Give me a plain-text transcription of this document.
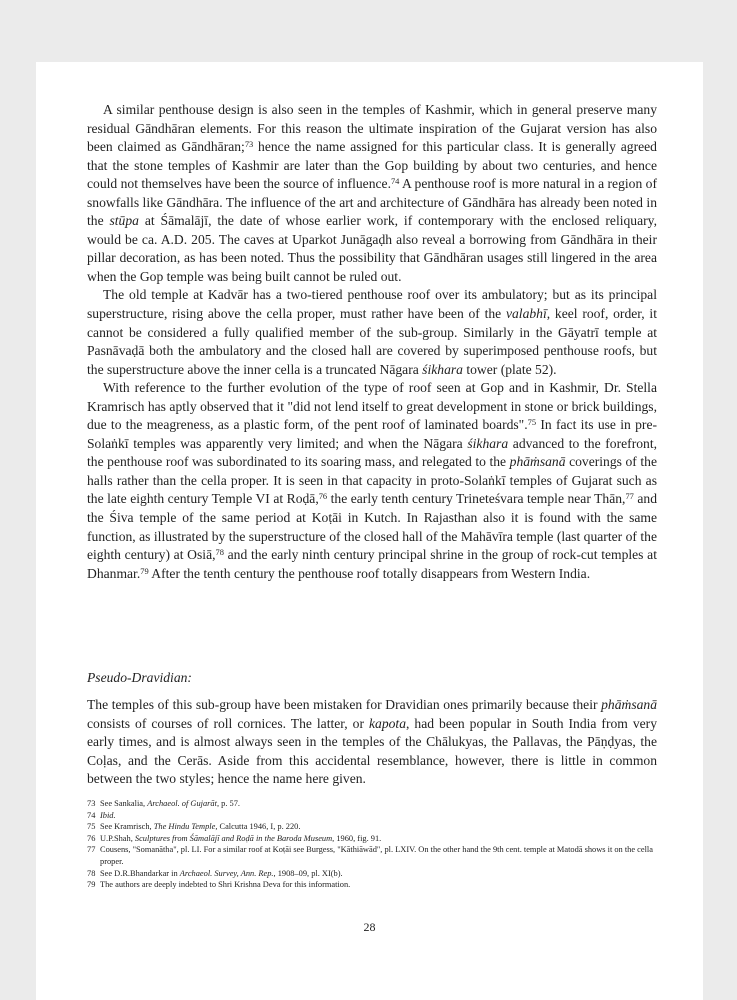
A similar penthouse design is also seen in the temples of Kashmir, which in general preserve many residual Gāndhāran elements. For this reason the ultimate inspiration of the Gujarat version has also been claimed as Gāndhāran;$^{73}$ hence the name assigned for this particular class. It is generally agreed that the stone temples of Kashmir are later than the Gop building by about two centuries, and hence could not themselves have been the source of influence.$^{74}$ A penthouse roof is more natural in a region of snowfalls like Gāndhāra. The influence of the art and architecture of Gāndhāra has already been noted in the stūpa at Śāmalājī, the date of whose earlier work, if contemporary with the enclosed reliquary, would be ca. A.D. 205. The caves at Uparkot Junāgaḍh also reveal a borrowing from Gāndhāra in their pillar decoration, as has been noted. Thus the possibility that Gāndhāran usages still lingered in the area when the Gop temple was being built cannot be ruled out.

The old temple at Kadvār has a two-tiered penthouse roof over its ambulatory; but as its principal superstructure, rising above the cella proper, must rather have been of the valabhī, keel roof, order, it cannot be considered a fully qualified member of the sub-group. Similarly in the Gāyatrī temple at Pasnāvaḍā both the ambulatory and the closed hall are covered by superimposed penthouse roofs, but the superstructure above the inner cella is a truncated Nāgara śikhara tower (plate 52).

With reference to the further evolution of the type of roof seen at Gop and in Kashmir, Dr. Stella Kramrisch has aptly observed that it "did not lend itself to great development in stone or brick buildings, due to the meagreness, as a plastic form, of the pent roof of laminated boards".$^{75}$ In fact its use in pre-Solaṅkī temples was apparently very limited; and when the Nāgara śikhara advanced to the forefront, the penthouse roof was subordinated to its soaring mass, and relegated to the phāṁsanā coverings of the halls rather than the cella proper. It is seen in that capacity in proto-Solaṅkī temples of Gujarat such as the late eighth century Temple VI at Roḍā,$^{76}$ the early tenth century Trineteśvara temple near Thān,$^{77}$ and the Śiva temple of the same period at Koṭāi in Kutch. In Rajasthan also it is found with the same function, as illustrated by the superstructure of the closed hall of the Mahāvīra temple (last quarter of the eighth century) at Osiā,$^{78}$ and the early ninth century principal shrine in the group of rock-cut temples at Dhanmar.$^{79}$ After the tenth century the penthouse roof totally disappears from Western India.

Pseudo-Dravidian:

The temples of this sub-group have been mistaken for Dravidian ones primarily because their phāṁsanā consists of courses of roll cornices. The latter, or kapota, had been popular in South India from very early times, and is almost always seen in the temples of the Chālukyas, the Pallavas, the Pāṇḍyas, the Coḷas, and the Cerās. Aside from this accidental resemblance, however, there is little in common between the two styles; hence the name here given.

73 See Sankalia, Archaeol. of Gujarāt, p. 57.
74 Ibid.
75 See Kramrisch, The Hindu Temple, Calcutta 1946, I, p. 220.
76 U.P.Shah, Sculptures from Śāmalājī and Roḍā in the Baroda Museum, 1960, fig. 91.
77 Cousens, "Somanātha", pl. LI. For a similar roof at Koṭāi see Burgess, "Kāthiāwād", pl. LXIV. On the other hand the 9th cent. temple at Matodā shows it on the cella proper.
78 See D.R.Bhandarkar in Archaeol. Survey, Ann. Rep., 1908–09, pl. XI(b).
79 The authors are deeply indebted to Shri Krishna Deva for this information.
28
